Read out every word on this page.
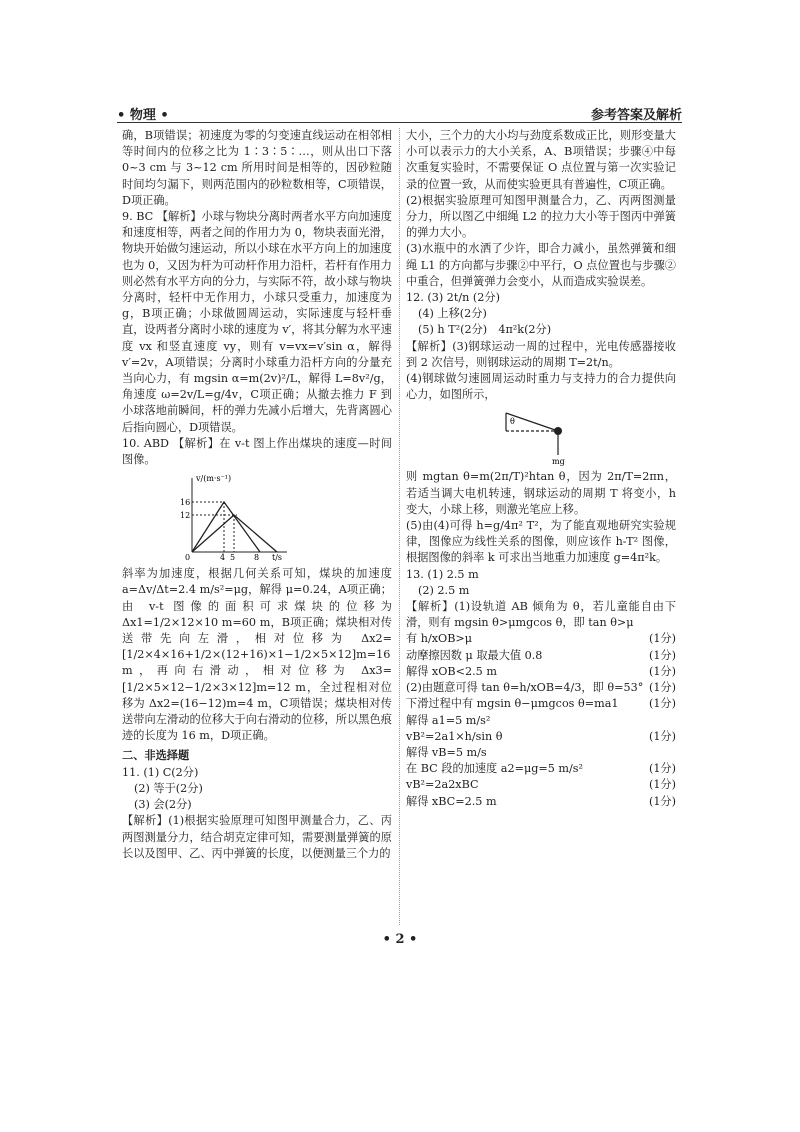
• 物理 •	参考答案及解析

确，B项错误；初速度为零的匀变速直线运动在相邻相等时间内的位移之比为 1∶3∶5∶…，则从出口下落 0~3 cm 与 3~12 cm 所用时间是相等的，因砂粒随时间均匀漏下，则两范围内的砂粒数相等，C项错误，D项正确。

9. BC 【解析】小球与物块分离时两者水平方向加速度和速度相等，两者之间的作用力为 0，物块表面光滑，物块开始做匀速运动，所以小球在水平方向上的加速度也为 0，又因为杆为可动杆作用力沿杆，若杆有作用力则必然有水平方向的分力，与实际不符，故小球与物块分离时，轻杆中无作用力，小球只受重力，加速度为 g，B项正确；小球做圆周运动，实际速度与轻杆垂直，设两者分离时小球的速度为 v′，将其分解为水平速度 vx 和竖直速度 vy，则有 v=vx=v′sin α，解得 v′=2v，A项错误；分离时小球重力沿杆方向的分量充当向心力，有 mgsin α=m(2v)²/L，解得 L=8v²/g，角速度 ω=2v/L=g/4v，C项正确；从撤去推力 F 到小球落地前瞬间，杆的弹力先减小后增大，先背离圆心后指向圆心，D项错误。

10. ABD 【解析】在 v-t 图上作出煤块的速度—时间图像。

v/(m·s⁻¹)
t/s
16
12
0	4 5 8

斜率为加速度，根据几何关系可知，煤块的加速度 a=Δv/Δt=2.4 m/s²=μg，解得 μ=0.24，A项正确；由 v-t 图像的面积可求煤块的位移为 Δx1=1/2×12×10 m=60 m，B项正确；煤块相对传送带先向左滑，相对位移为 Δx2=[1/2×4×16+1/2×(12+16)×1−1/2×5×12]m=16 m，再向右滑动，相对位移为 Δx3=[1/2×5×12−1/2×3×12]m=12 m，全过程相对位移为 Δx2=(16−12)m=4 m，C项错误；煤块相对传送带向左滑动的位移大于向右滑动的位移，所以黑色痕迹的长度为 16 m，D项正确。

二、非选择题

11. (1) C(2分)

(2) 等于(2分)

(3) 会(2分)

【解析】(1)根据实验原理可知图甲测量合力，乙、丙两图测量分力，结合胡克定律可知，需要测量弹簧的原长以及图甲、乙、丙中弹簧的长度，以便测量三个力的

大小，三个力的大小均与劲度系数成正比，则形变量大小可以表示力的大小关系，A、B项错误；步骤④中每次重复实验时，不需要保证 O 点位置与第一次实验记录的位置一致，从而使实验更具有普遍性，C项正确。

(2)根据实验原理可知图甲测量合力，乙、丙两图测量分力，所以图乙中细绳 L2 的拉力大小等于图丙中弹簧的弹力大小。

(3)水瓶中的水洒了少许，即合力减小，虽然弹簧和细绳 L1 的方向都与步骤②中平行，O 点位置也与步骤②中重合，但弹簧弹力会变小，从而造成实验误差。

12. (3) 2t/n (2分)

(4) 上移(2分)

(5) h T²(2分)　4π²k(2分)

【解析】(3)钢球运动一周的过程中，光电传感器接收到 2 次信号，则钢球运动的周期 T=2t/n。

(4)钢球做匀速圆周运动时重力与支持力的合力提供向心力，如图所示，

θ
mg

则 mgtan θ=m(2π/T)²htan θ，因为 2π/T=2πn，若适当调大电机转速，钢球运动的周期 T 将变小，h 变大，小球上移，则激光笔应上移。

(5)由(4)可得 h=g/4π² T²，为了能直观地研究实验规律，图像应为线性关系的图像，则应该作 h-T² 图像，根据图像的斜率 k 可求出当地重力加速度 g=4π²k。

13. (1) 2.5 m

(2) 2.5 m

【解析】(1)设轨道 AB 倾角为 θ，若儿童能自由下滑，则有 mgsin θ>μmgcos θ，即 tan θ>μ

有 h/xOB>μ	(1分)

动摩擦因数 μ 取最大值 0.8	(1分)

解得 xOB<2.5 m	(1分)

(2)由题意可得 tan θ=h/xOB=4/3，即 θ=53° (1分)

下滑过程中有 mgsin θ−μmgcos θ=ma1	(1分)

解得 a1=5 m/s²

vB²=2a1×h/sin θ	(1分)

解得 vB=5 m/s

在 BC 段的加速度 a2=μg=5 m/s²	(1分)

vB²=2a2xBC	(1分)

解得 xBC=2.5 m	(1分)

• 2 •
